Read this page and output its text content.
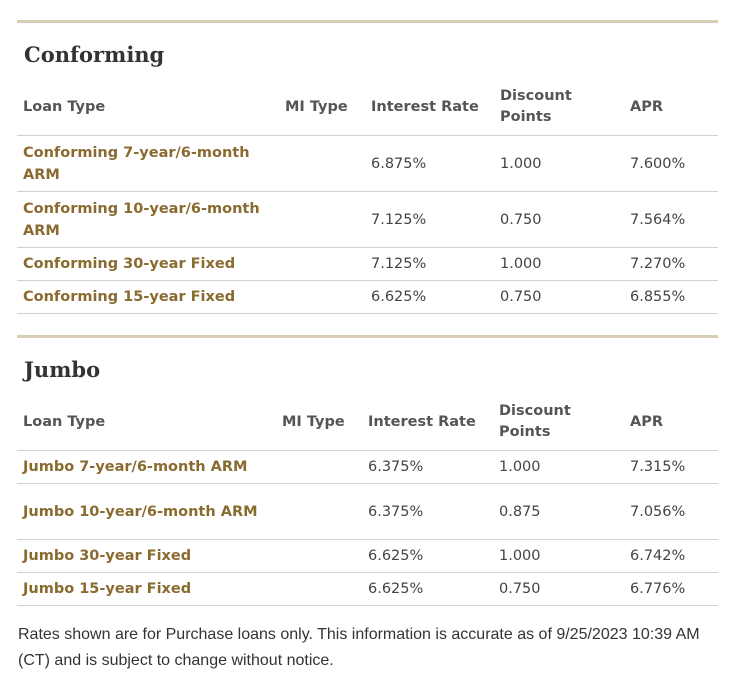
Conforming
Loan Type	MI Type	Interest Rate	Discount Points	APR
Conforming 7-year/6-month ARM		6.875%	1.000	7.600%
Conforming 10-year/6-month ARM		7.125%	0.750	7.564%
Conforming 30-year Fixed		7.125%	1.000	7.270%
Conforming 15-year Fixed		6.625%	0.750	6.855%
Jumbo
Loan Type	MI Type	Interest Rate	Discount Points	APR
Jumbo 7-year/6-month ARM		6.375%	1.000	7.315%
Jumbo 10-year/6-month ARM		6.375%	0.875	7.056%
Jumbo 30-year Fixed		6.625%	1.000	6.742%
Jumbo 15-year Fixed		6.625%	0.750	6.776%

Rates shown are for Purchase loans only. This information is accurate as of 9/25/2023 10:39 AM (CT) and is subject to change without notice.
